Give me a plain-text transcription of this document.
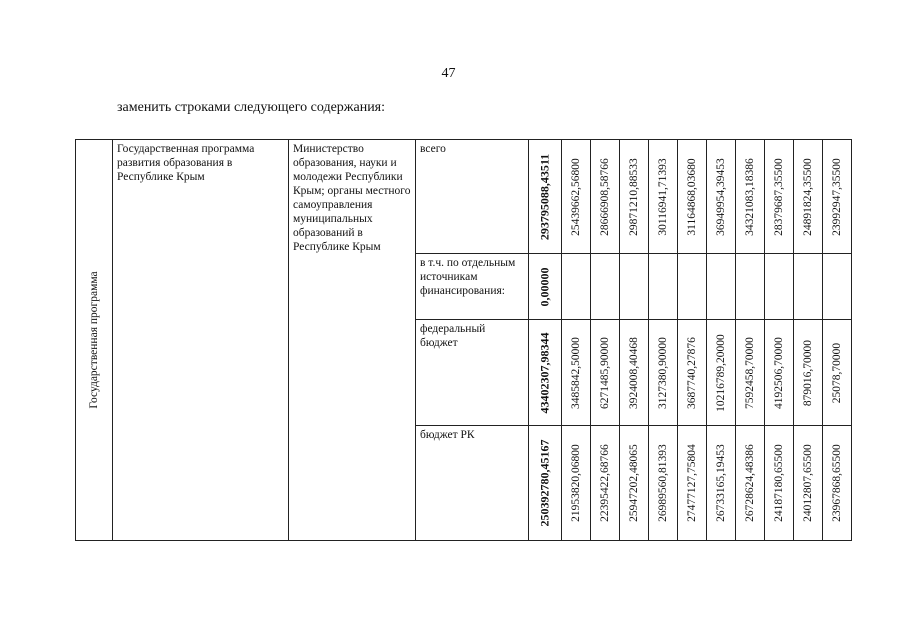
47
заменить строками следующего содержания:
Государственная программа	Государственная программа развития образования в Республике Крым	Министерство образования, науки и молодежи Республики Крым; органы местного самоуправления муниципальных образований в Республике Крым	всего	293795088,43511	25439662,56800	28666908,58766	29871210,88533	30116941,71393	31164868,03680	36949954,39453	34321083,18386	28379687,35500	24891824,35500	23992947,35500

			в т.ч. по отдельным источникам финансирования:	0,00000										

			федеральный бюджет	43402307,98344	3485842,50000	6271485,90000	3924008,40468	3127380,90000	3687740,27876	10216789,20000	7592458,70000	4192506,70000	879016,70000	25078,70000

			бюджет РК	250392780,45167	21953820,06800	22395422,68766	25947202,48065	26989560,81393	27477127,75804	26733165,19453	26728624,48386	24187180,65500	24012807,65500	23967868,65500
